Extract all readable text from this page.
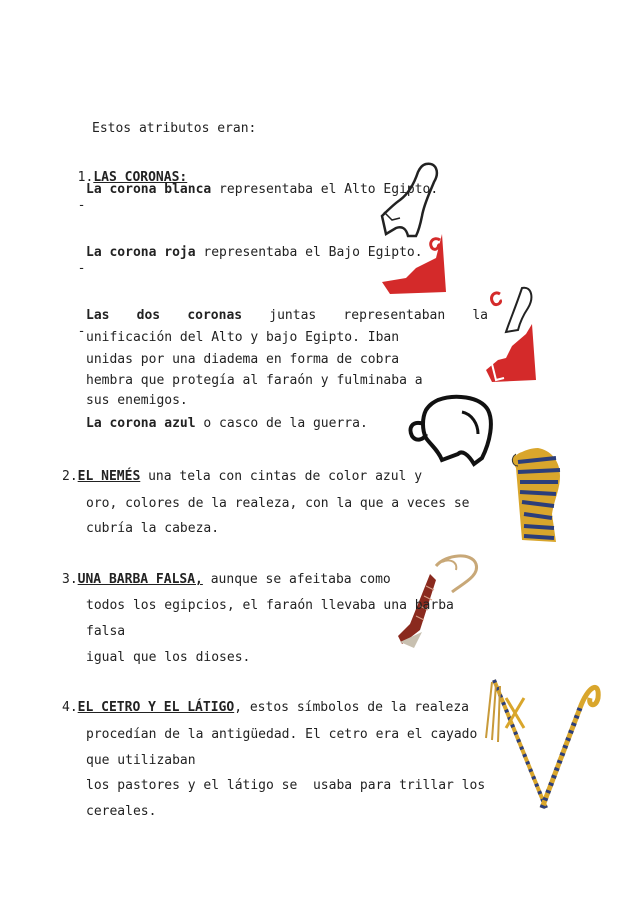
Estos atributos eran:

1.LAS CORONAS:

-

La corona blanca representaba el Alto Egipto.

-

La corona roja representaba el Bajo Egipto.

-

Las dos coronas juntas representaban la
unificación del Alto y bajo Egipto. Iban
unidas por una diadema en forma de cobra
hembra que protegía al faraón y fulminaba a
sus enemigos.
La corona azul o casco de la guerra.
2.EL NEMÉS una tela con cintas de color azul y
oro, colores de la realeza, con la que a veces se
cubría la cabeza.
3.UNA BARBA FALSA, aunque se afeitaba como
todos los egipcios, el faraón llevaba una barba
falsa
igual que los dioses.
4.EL CETRO Y EL LÁTIGO, estos símbolos de la realeza
procedían de la antigüedad. El cetro era el cayado
que utilizaban
los pastores y el látigo se  usaba para trillar los
cereales.
